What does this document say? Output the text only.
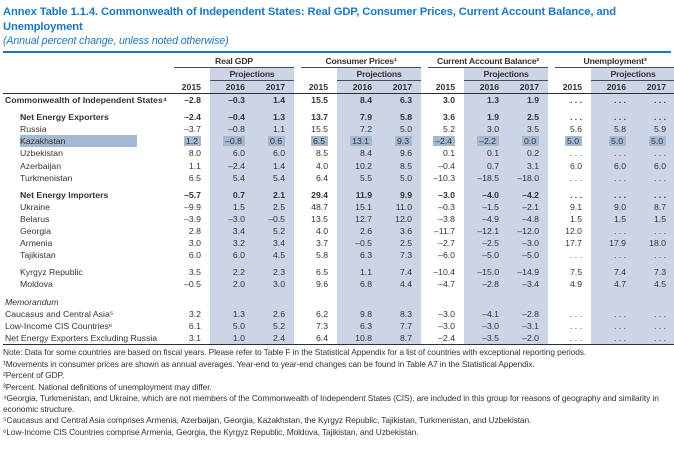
Annex Table 1.1.4. Commonwealth of Independent States: Real GDP, Consumer Prices, Current Account Balance, and Unemployment
(Annual percent change, unless noted otherwise)
	Real GDP				Consumer Prices¹				Current Account Balance²				Unemployment³		
		Projections				Projections				Projections				Projections	
	2015	2016	2017		2015	2016	2017		2015	2016	2017		2015	2016	2017
Commonwealth of Independent States⁴	–2.8	–0.3	1.4		15.5	8.4	6.3		3.0	1.3	1.9		. . .	. . .	. . .

Net Energy Exporters	–2.4	–0.4	1.3		13.7	7.9	5.8		3.6	1.9	2.5		. . .	. . .	. . .
Russia	–3.7	–0.8	1.1		15.5	7.2	5.0		5.2	3.0	3.5		5.6	5.8	5.9
Kazakhstan	1.2	–0.8	0.6		6.5	13.1	9.3		–2.4	–2.2	0.0		5.0	5.0	5.0
Uzbekistan	8.0	6.0	6.0		8.5	8.4	9.6		0.1	0.1	0.2		. . .	. . .	. . .
Azerbaijan	1.1	–2.4	1.4		4.0	10.2	8.5		–0.4	0.7	3.1		6.0	6.0	6.0
Turkmenistan	6.5	5.4	5.4		6.4	5.5	5.0		–10.3	–18.5	–18.0		. . .	. . .	. . .

Net Energy Importers	–5.7	0.7	2.1		29.4	11.9	9.9		–3.0	–4.0	–4.2		. . .	. . .	. . .
Ukraine	–9.9	1.5	2.5		48.7	15.1	11.0		–0.3	–1.5	–2.1		9.1	9.0	8.7
Belarus	–3.9	–3.0	–0.5		13.5	12.7	12.0		–3.8	–4.9	–4.8		1.5	1.5	1.5
Georgia	2.8	3.4	5.2		4.0	2.6	3.6		–11.7	–12.1	–12.0		12.0	. . .	. . .
Armenia	3.0	3.2	3.4		3.7	–0.5	2.5		–2.7	–2.5	–3.0		17.7	17.9	18.0
Tajikistan	6.0	6.0	4.5		5.8	6.3	7.3		–6.0	–5.0	–5.0		. . .	. . .	. . .

Kyrgyz Republic	3.5	2.2	2.3		6.5	1.1	7.4		–10.4	–15.0	–14.9		7.5	7.4	7.3
Moldova	–0.5	2.0	3.0		9.6	6.8	4.4		–4.7	–2.8	–3.4		4.9	4.7	4.5

Memorandum															
Caucasus and Central Asia⁵	3.2	1.3	2.6		6.2	9.8	8.3		–3.0	–4.1	–2.8		. . .	. . .	. . .
Low-Income CIS Countries⁶	6.1	5.0	5.2		7.3	6.3	7.7		–3.0	–3.0	–3.1		. . .	. . .	. . .
Net Energy Exporters Excluding Russia	3.1	1.0	2.4		6.4	10.8	8.7		–2.4	–3.5	–2.0		. . .	. . .	. . .
Note: Data for some countries are based on fiscal years. Please refer to Table F in the Statistical Appendix for a list of countries with exceptional reporting periods.
¹Movements in consumer prices are shown as annual averages. Year-end to year-end changes can be found in Table A7 in the Statistical Appendix.
²Percent of GDP.
³Percent. National definitions of unemployment may differ.
⁴Georgia, Turkmenistan, and Ukraine, which are not members of the Commonwealth of Independent States (CIS), are included in this group for reasons of geography and similarity in economic structure.
⁵Caucasus and Central Asia comprises Armenia, Azerbaijan, Georgia, Kazakhstan, the Kyrgyz Republic, Tajikistan, Turkmenistan, and Uzbekistan.
⁶Low-Income CIS Countries comprise Armenia, Georgia, the Kyrgyz Republic, Moldova, Tajikistan, and Uzbekistan.
